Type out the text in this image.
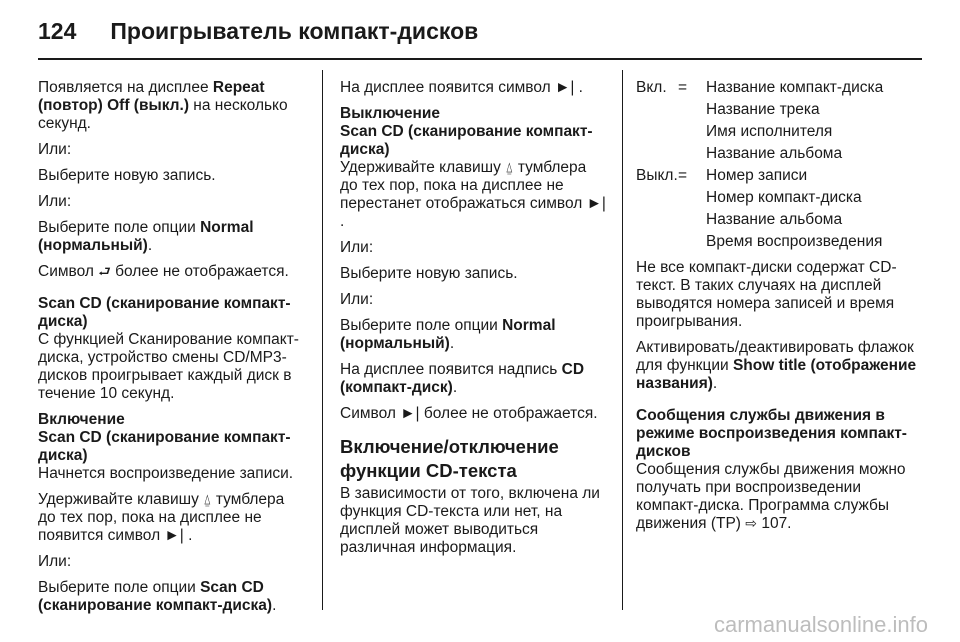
124 Проигрыватель компакт-дисков

Появляется на дисплее Repeat (повтор) Off (выкл.) на несколько секунд.

Или:

Выберите новую запись.

Или:

Выберите поле опции Normal (нормальный).

Символ ⮐ более не отображается.

Scan CD (сканирование компакт-диска)

С функцией Сканирование компакт-диска, устройство смены CD/MP3-дисков проигрывает каждый диск в течение 10 секунд.

Включение
Scan CD (сканирование компакт-диска)

Начнется воспроизведение записи.

Удерживайте клавишу ⍙ тумблера до тех пор, пока на дисплее не появится символ ►| .

Или:

Выберите поле опции Scan CD (сканирование компакт-диска).

На дисплее появится символ ►| .

Выключение
Scan CD (сканирование компакт-диска)

Удерживайте клавишу ⍙ тумблера до тех пор, пока на дисплее не перестанет отображаться символ ►| .

Или:

Выберите новую запись.

Или:

Выберите поле опции Normal (нормальный).

На дисплее появится надпись CD (компакт-диск).

Символ ►| более не отображается.

Включение/отключение функции CD-текста

В зависимости от того, включена ли функция CD-текста или нет, на дисплей может выводиться различная информация.

Вкл. =	Название компакт-диска
Название трека
Имя исполнителя
Название альбома
Выкл. =	Номер записи
Номер компакт-диска
Название альбома
Время воспроизведения

Не все компакт-диски содержат CD-текст. В таких случаях на дисплей выводятся номера записей и время проигрывания.

Активировать/деактивировать флажок для функции Show title (отображение названия).

Сообщения службы движения в режиме воспроизведения компакт-дисков

Сообщения службы движения можно получать при воспроизведении компакт-диска. Программа службы движения (TP) ⇨ 107.

carmanualsonline.info
